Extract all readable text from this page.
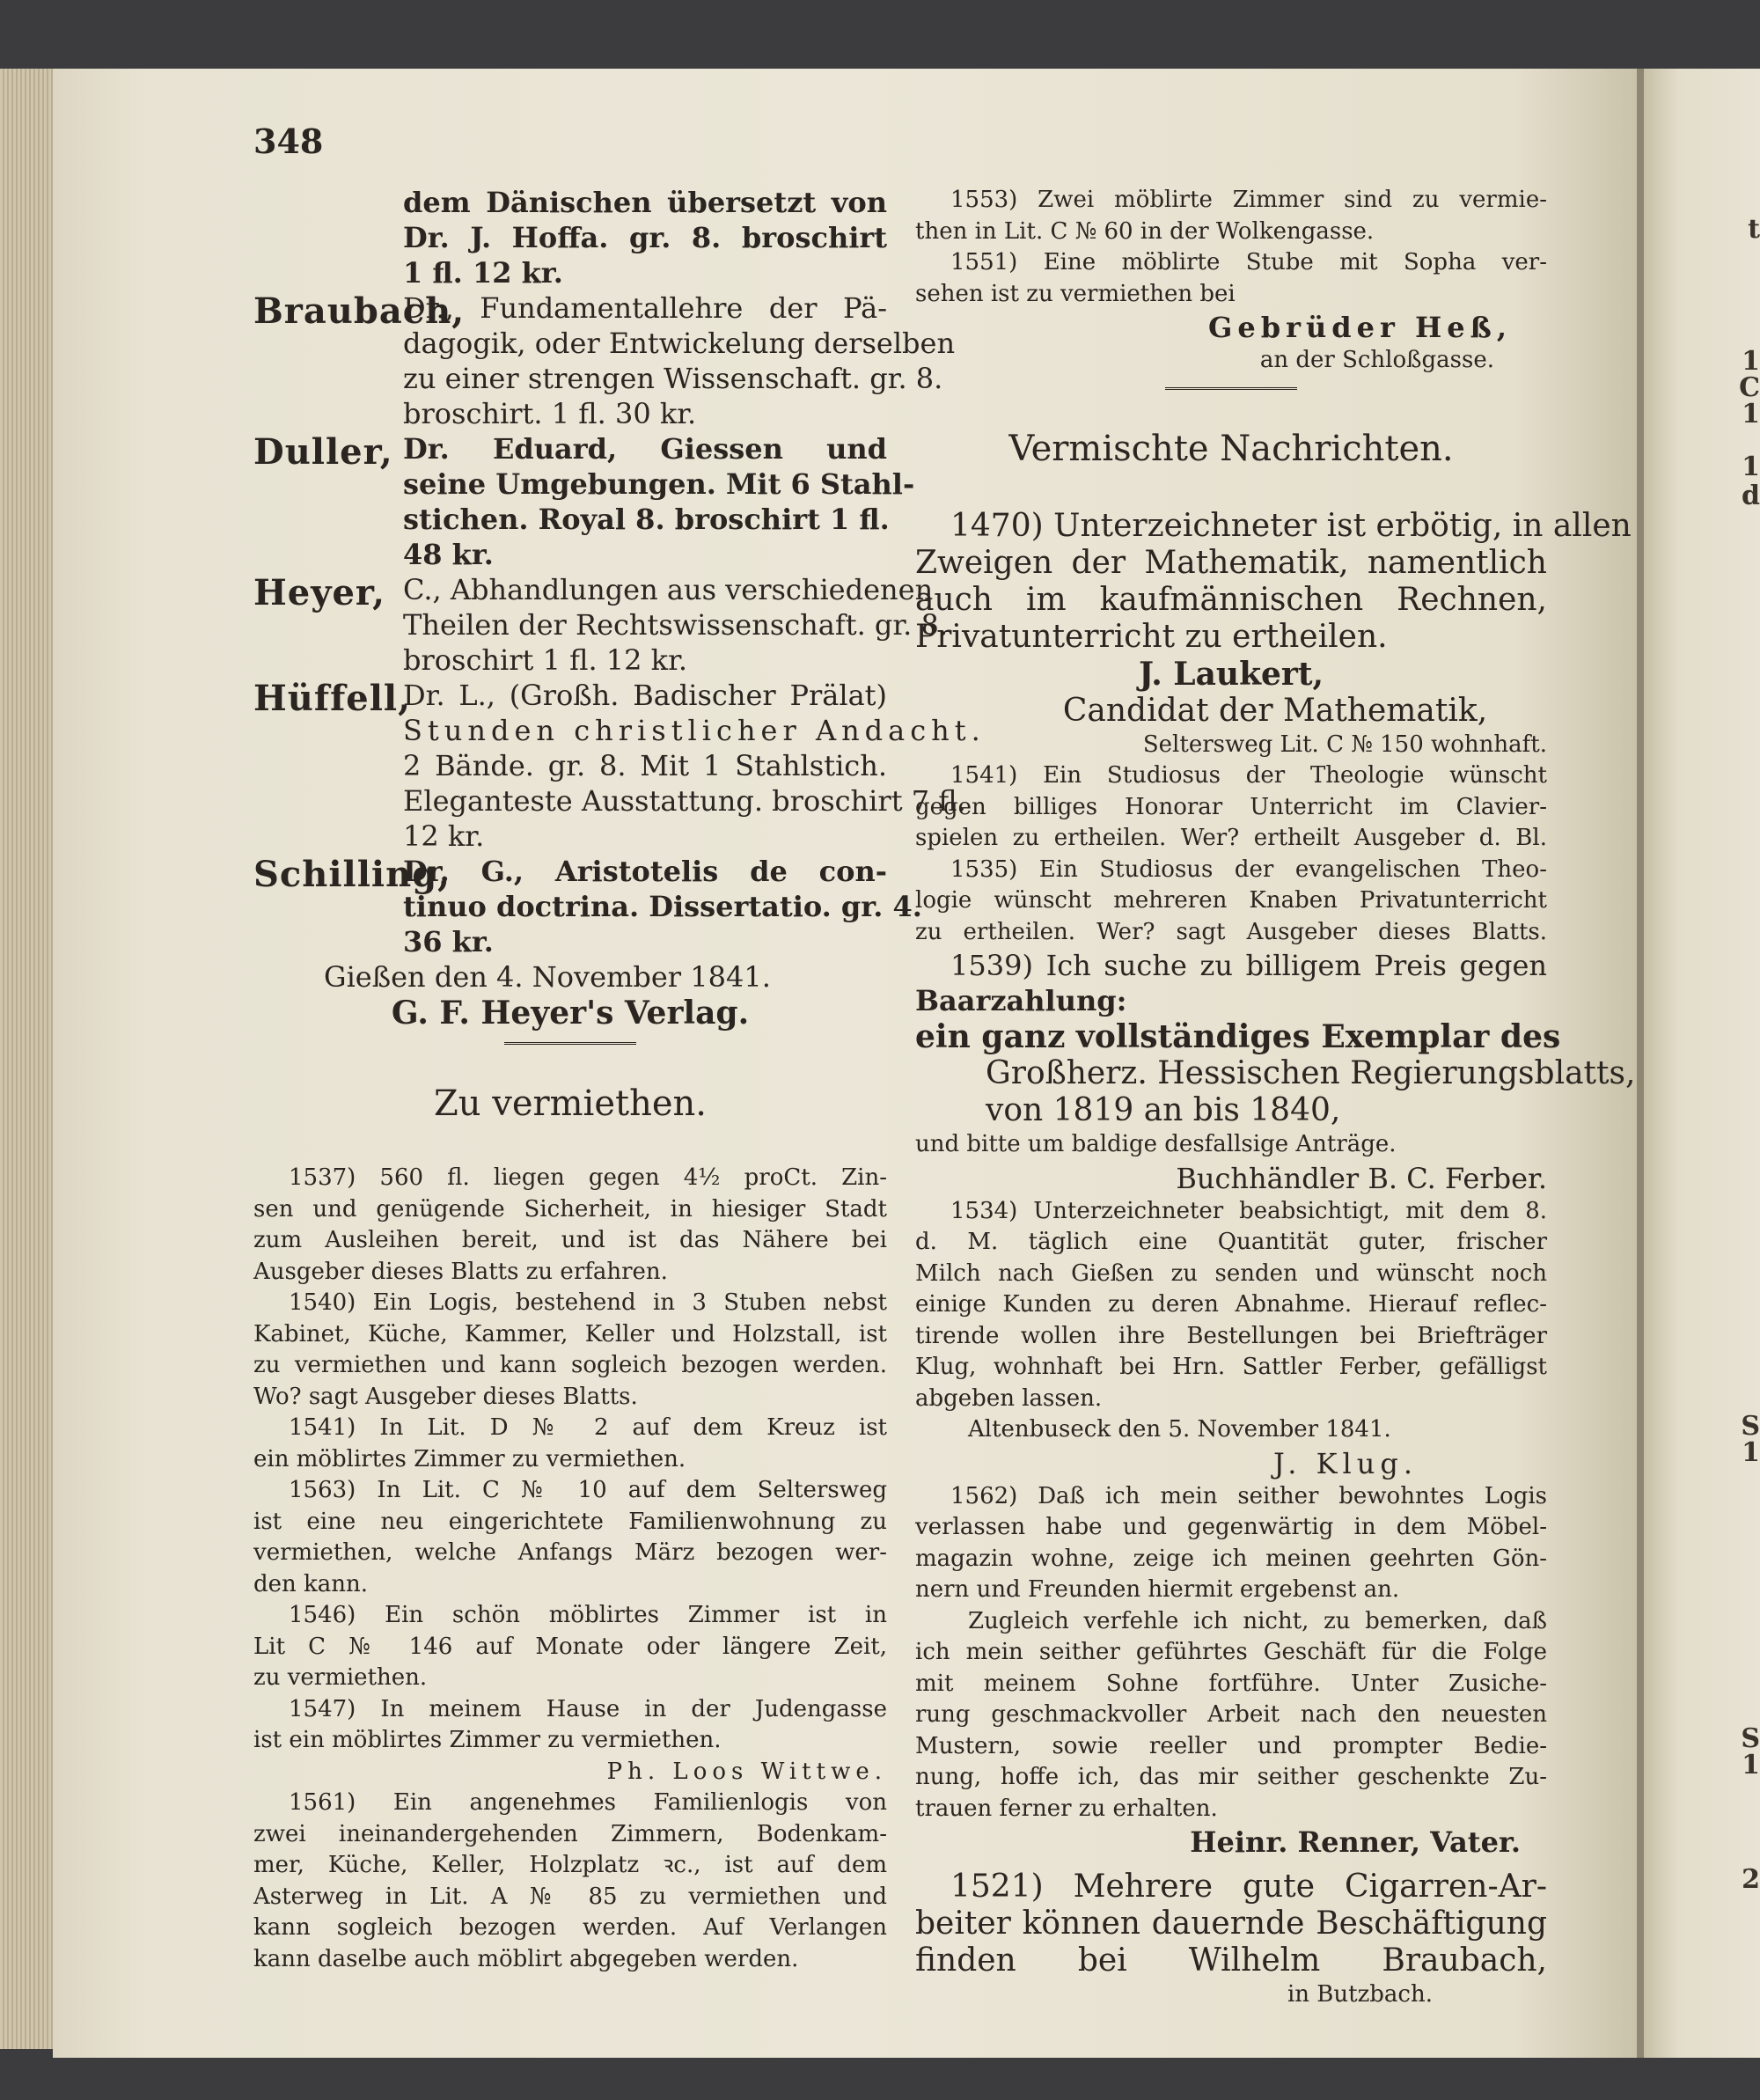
t
1
C
1
1
d
S
1
S
1
2
348

dem Dänischen übersetzt von

Dr. J. Hoffa. gr. 8. broschirt

1 fl. 12 kr.

Braubach,

Dr., Fundamentallehre der Pä-

dagogik, oder Entwickelung derselben

zu einer strengen Wissenschaft. gr. 8.

broschirt. 1 fl. 30 kr.

Duller, Dr. Eduard, Giessen und

seine Umgebungen. Mit 6 Stahl-

stichen. Royal 8. broschirt 1 fl.

48 kr.

Heyer, C., Abhandlungen aus verschiedenen

Theilen der Rechtswissenschaft. gr. 8.

broschirt 1 fl. 12 kr.

Hüffell,

Dr. L., (Großh. Badischer Prälat)

Stunden christlicher Andacht.

2 Bände. gr. 8. Mit 1 Stahlstich.

Eleganteste Ausstattung. broschirt 7 fl.

12 kr.

Schilling,

Dr. G., Aristotelis de con-

tinuo doctrina. Dissertatio. gr. 4.

36 kr.

Gießen den 4. November 1841.

G. F. Heyer's Verlag.

Zu vermiethen.

1537) 560 fl. liegen gegen 4½ proCt. Zin-

sen und genügende Sicherheit, in hiesiger Stadt

zum Ausleihen bereit, und ist das Nähere bei

Ausgeber dieses Blatts zu erfahren.

1540) Ein Logis, bestehend in 3 Stuben nebst

Kabinet, Küche, Kammer, Keller und Holzstall, ist

zu vermiethen und kann sogleich bezogen werden.

Wo? sagt Ausgeber dieses Blatts.

1541) In Lit. D № 2 auf dem Kreuz ist

ein möblirtes Zimmer zu vermiethen.

1563) In Lit. C № 10 auf dem Seltersweg

ist eine neu eingerichtete Familienwohnung zu

vermiethen, welche Anfangs März bezogen wer-

den kann.

1546) Ein schön möblirtes Zimmer ist in

Lit C № 146 auf Monate oder längere Zeit,

zu vermiethen.

1547) In meinem Hause in der Judengasse

ist ein möblirtes Zimmer zu vermiethen.

Ph. Loos Wittwe.

1561) Ein angenehmes Familienlogis von

zwei ineinandergehenden Zimmern, Bodenkam-

mer, Küche, Keller, Holzplatz ꝛc., ist auf dem

Asterweg in Lit. A № 85 zu vermiethen und

kann sogleich bezogen werden. Auf Verlangen

kann daselbe auch möblirt abgegeben werden.

1553) Zwei möblirte Zimmer sind zu vermie-

then in Lit. C № 60 in der Wolkengasse.

1551) Eine möblirte Stube mit Sopha ver-

sehen ist zu vermiethen bei

Gebrüder Heß,

an der Schloßgasse.

Vermischte Nachrichten.

1470) Unterzeichneter ist erbötig, in allen

Zweigen der Mathematik, namentlich

auch im kaufmännischen Rechnen,

Privatunterricht zu ertheilen.

J. Laukert,

Candidat der Mathematik,

Seltersweg Lit. C № 150 wohnhaft.

1541) Ein Studiosus der Theologie wünscht

gegen billiges Honorar Unterricht im Clavier-

spielen zu ertheilen. Wer? ertheilt Ausgeber d. Bl.

1535) Ein Studiosus der evangelischen Theo-

logie wünscht mehreren Knaben Privatunterricht

zu ertheilen. Wer? sagt Ausgeber dieses Blatts.

1539) Ich suche zu billigem Preis gegen

Baarzahlung:

ein ganz vollständiges Exemplar des

Großherz. Hessischen Regierungsblatts,

von 1819 an bis 1840,

und bitte um baldige desfallsige Anträge.

Buchhändler B. C. Ferber.

1534) Unterzeichneter beabsichtigt, mit dem 8.

d. M. täglich eine Quantität guter, frischer

Milch nach Gießen zu senden und wünscht noch

einige Kunden zu deren Abnahme. Hierauf reflec-

tirende wollen ihre Bestellungen bei Briefträger

Klug, wohnhaft bei Hrn. Sattler Ferber, gefälligst

abgeben lassen.

Altenbuseck den 5. November 1841.

J. Klug.

1562) Daß ich mein seither bewohntes Logis

verlassen habe und gegenwärtig in dem Möbel-

magazin wohne, zeige ich meinen geehrten Gön-

nern und Freunden hiermit ergebenst an.

Zugleich verfehle ich nicht, zu bemerken, daß

ich mein seither geführtes Geschäft für die Folge

mit meinem Sohne fortführe. Unter Zusiche-

rung geschmackvoller Arbeit nach den neuesten

Mustern, sowie reeller und prompter Bedie-

nung, hoffe ich, das mir seither geschenkte Zu-

trauen ferner zu erhalten.

Heinr. Renner, Vater.

1521) Mehrere gute Cigarren-Ar-

beiter können dauernde Beschäftigung

finden bei Wilhelm Braubach,

in Butzbach.
